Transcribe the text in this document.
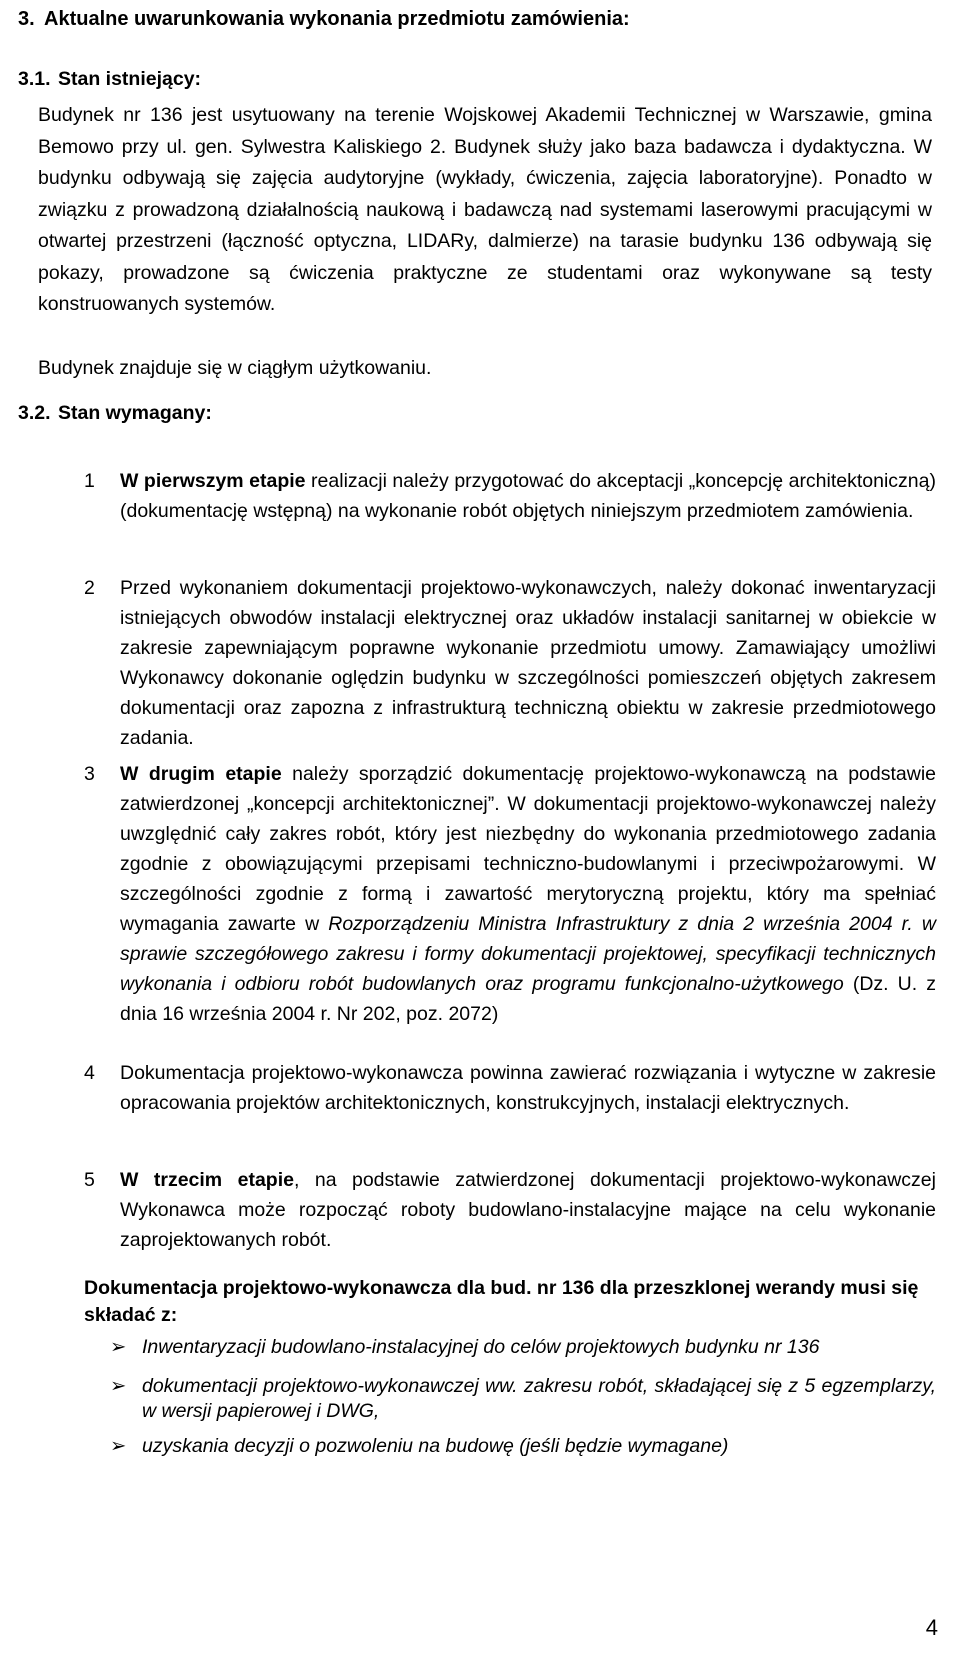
3. Aktualne uwarunkowania wykonania przedmiotu zamówienia:
3.1. Stan istniejący:
Budynek nr 136 jest usytuowany na terenie Wojskowej Akademii Technicznej w Warszawie, gmina Bemowo przy ul. gen. Sylwestra Kaliskiego 2. Budynek służy jako baza badawcza i dydaktyczna. W budynku odbywają się zajęcia audytoryjne (wykłady, ćwiczenia, zajęcia laboratoryjne). Ponadto w związku z prowadzoną działalnością naukową i badawczą nad systemami laserowymi pracującymi w otwartej przestrzeni (łączność optyczna, LIDARy, dalmierze) na tarasie budynku 136 odbywają się pokazy, prowadzone są ćwiczenia praktyczne ze studentami oraz wykonywane są testy konstruowanych systemów.
Budynek znajduje się w ciągłym użytkowaniu.
3.2. Stan wymagany:
1	W pierwszym etapie realizacji należy przygotować do akceptacji „koncepcję architektoniczną) (dokumentację wstępną) na wykonanie robót objętych niniejszym przedmiotem zamówienia.
2	Przed wykonaniem dokumentacji projektowo-wykonawczych, należy dokonać inwentaryzacji istniejących obwodów instalacji elektrycznej oraz układów instalacji sanitarnej w obiekcie w zakresie zapewniającym poprawne wykonanie przedmiotu umowy. Zamawiający umożliwi Wykonawcy dokonanie oględzin budynku w szczególności pomieszczeń objętych zakresem dokumentacji oraz zapozna z infrastrukturą techniczną obiektu w zakresie przedmiotowego zadania.
3	W drugim etapie należy sporządzić dokumentację projektowo-wykonawczą na podstawie zatwierdzonej „koncepcji architektonicznej”. W dokumentacji projektowo-wykonawczej należy uwzględnić cały zakres robót, który jest niezbędny do wykonania przedmiotowego zadania zgodnie z obowiązującymi przepisami techniczno-budowlanymi i przeciwpożarowymi. W szczególności zgodnie z formą i zawartość merytoryczną projektu, który ma spełniać wymagania zawarte w Rozporządzeniu Ministra Infrastruktury z dnia 2 września 2004 r. w sprawie szczegółowego zakresu i formy dokumentacji projektowej, specyfikacji technicznych wykonania i odbioru robót budowlanych oraz programu funkcjonalno-użytkowego (Dz. U. z dnia 16 września 2004 r. Nr 202, poz. 2072)
4	Dokumentacja projektowo-wykonawcza powinna zawierać rozwiązania i wytyczne w zakresie opracowania projektów architektonicznych, konstrukcyjnych, instalacji elektrycznych.
5	W trzecim etapie, na podstawie zatwierdzonej dokumentacji projektowo-wykonawczej Wykonawca może rozpocząć roboty budowlano-instalacyjne mające na celu wykonanie zaprojektowanych robót.
Dokumentacja projektowo-wykonawcza dla bud. nr 136 dla przeszklonej werandy musi się składać z:
➢ Inwentaryzacji budowlano-instalacyjnej do celów projektowych budynku nr 136
➢ dokumentacji projektowo-wykonawczej ww. zakresu robót, składającej się z 5 egzemplarzy, w wersji papierowej i DWG,
➢ uzyskania decyzji o pozwoleniu na budowę (jeśli będzie wymagane)
4
